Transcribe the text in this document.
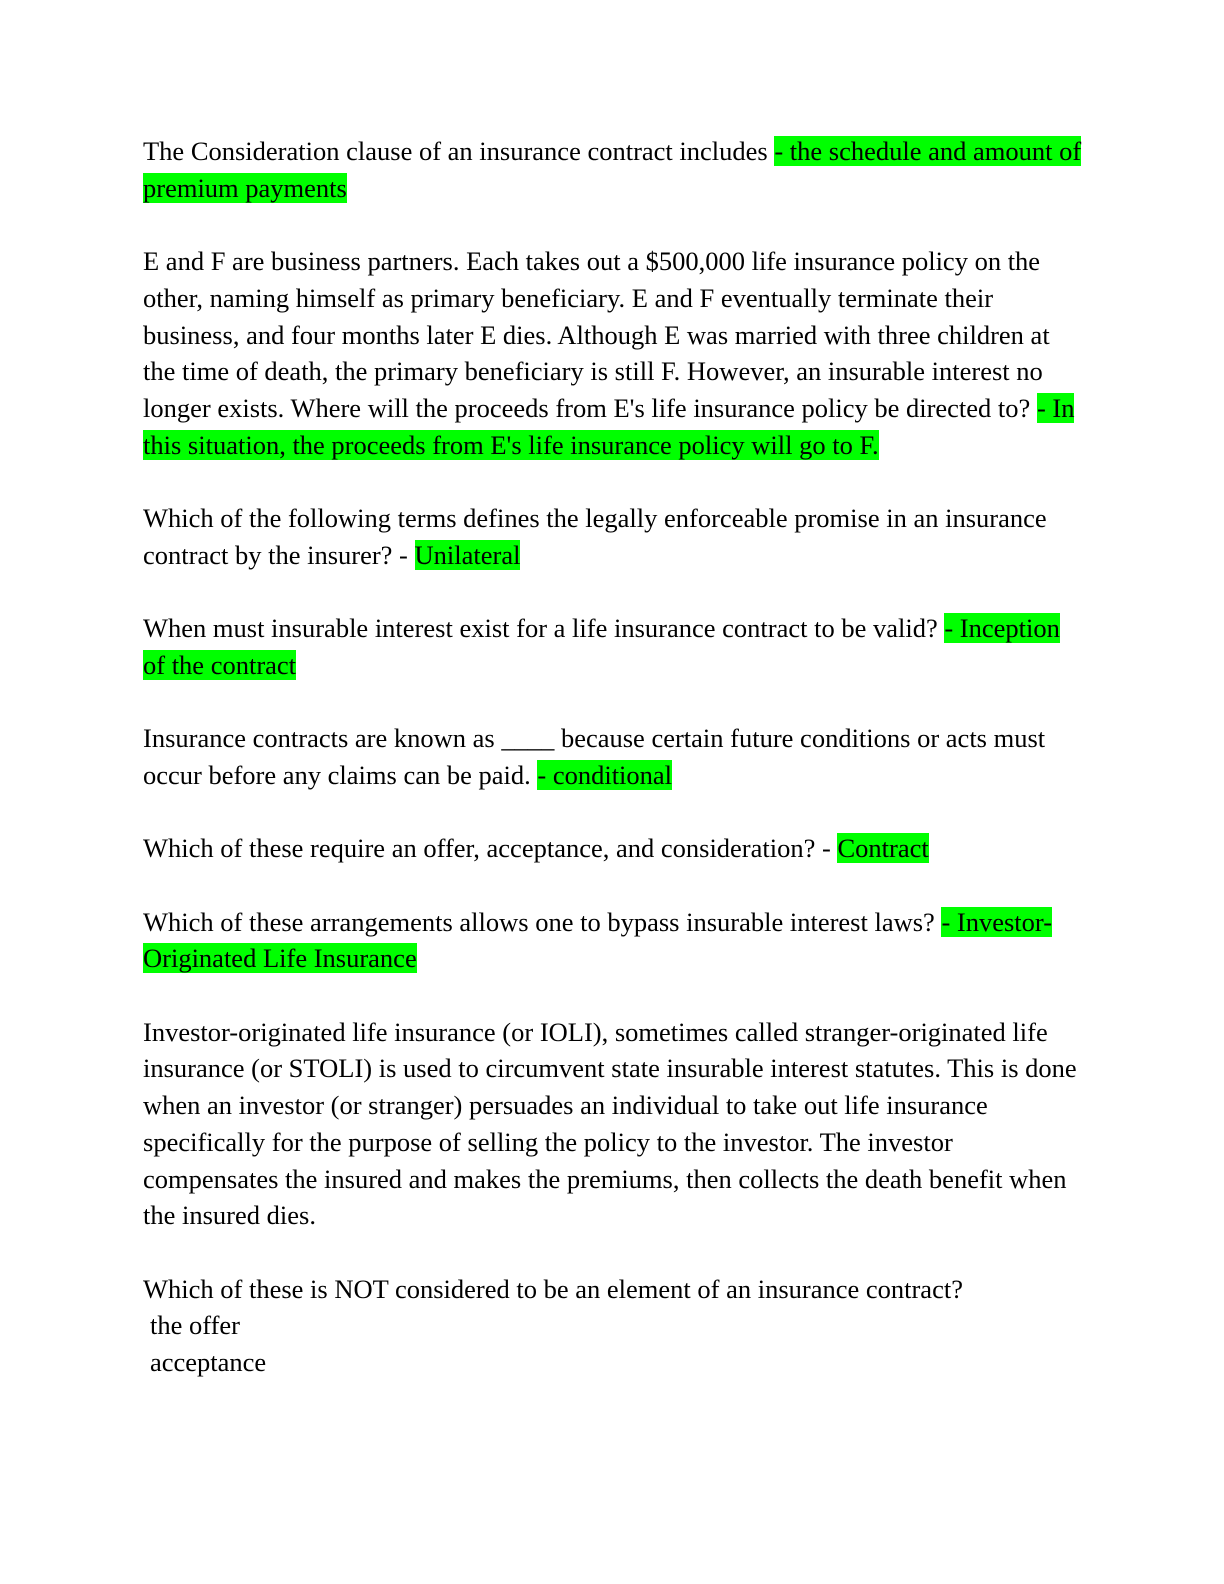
The Consideration clause of an insurance contract includes - the schedule and amount of premium payments

E and F are business partners. Each takes out a $500,000 life insurance policy on the other, naming himself as primary beneficiary. E and F eventually terminate their business, and four months later E dies. Although E was married with three children at the time of death, the primary beneficiary is still F. However, an insurable interest no longer exists. Where will the proceeds from E's life insurance policy be directed to? - In this situation, the proceeds from E's life insurance policy will go to F.

Which of the following terms defines the legally enforceable promise in an insurance contract by the insurer? - Unilateral

When must insurable interest exist for a life insurance contract to be valid? - Inception of the contract

Insurance contracts are known as ____ because certain future conditions or acts must occur before any claims can be paid. - conditional

Which of these require an offer, acceptance, and consideration? - Contract

Which of these arrangements allows one to bypass insurable interest laws? - Investor-Originated Life Insurance

Investor-originated life insurance (or IOLI), sometimes called stranger-originated life insurance (or STOLI) is used to circumvent state insurable interest statutes. This is done when an investor (or stranger) persuades an individual to take out life insurance specifically for the purpose of selling the policy to the investor. The investor compensates the insured and makes the premiums, then collects the death benefit when the insured dies.

Which of these is NOT considered to be an element of an insurance contract?

the offer
acceptance
